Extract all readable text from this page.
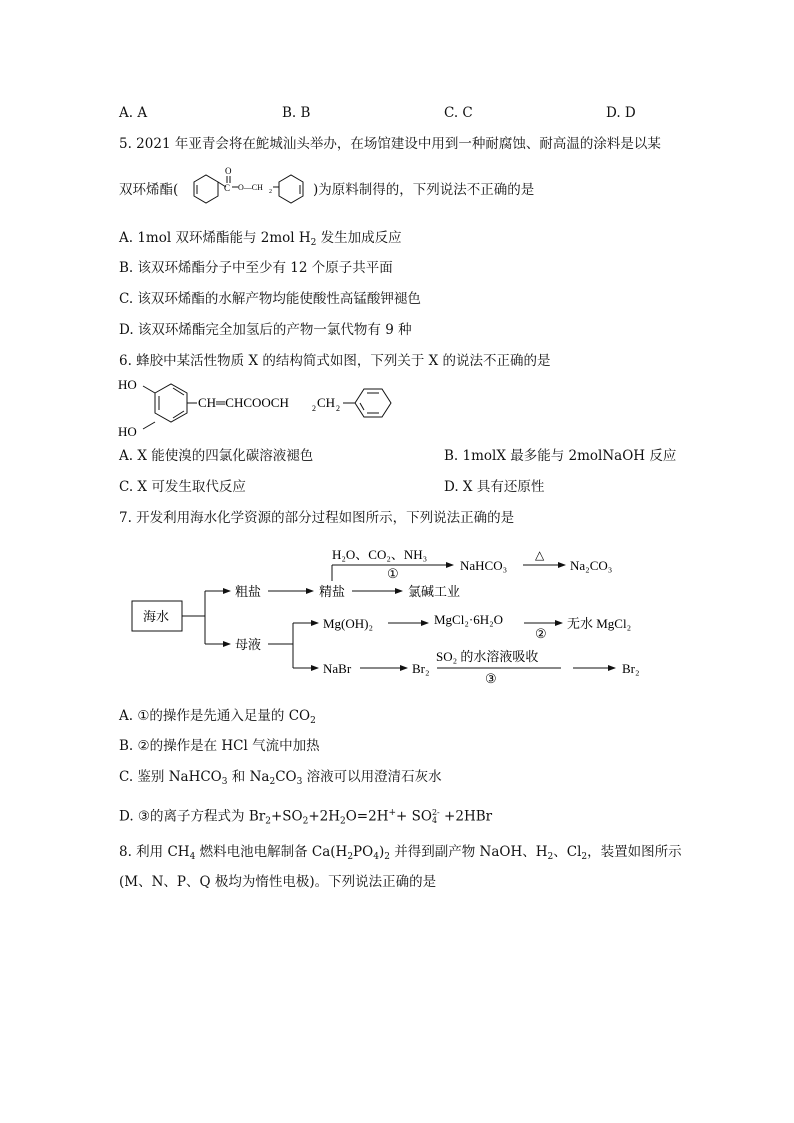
A. A	B. B	C. C	D. D
5. 2021 年亚青会将在鮀城汕头举办，在场馆建设中用到一种耐腐蚀、耐高温的涂料是以某
双环烯酯(	C
O
O—CH 2	)为原料制得的，下列说法不正确的是
A. 1mol 双环烯酯能与 2mol $H_2$ 发生加成反应
B. 该双环烯酯分子中至少有 12 个原子共平面
C. 该双环烯酯的水解产物均能使酸性高锰酸钾褪色
D. 该双环烯酯完全加氢后的产物一氯代物有 9 种
6. 蜂胶中某活性物质 X 的结构简式如图，下列关于 X 的说法不正确的是
HO
HO
CH═CHCOOCH	2 CH 2
A. X 能使溴的四氯化碳溶液褪色	B. 1molX 最多能与 2molNaOH 反应
C. X 可发生取代反应	D. X 具有还原性
7. 开发利用海水化学资源的部分过程如图所示，下列说法正确的是
海水
粗盐
母液
精盐
H₂O、CO₂、NH₃
①
NaHCO₃
△
Na₂CO₃
氯碱工业
Mg(OH)₂	MgCl₂·6H₂O
②
无水 MgCl₂
NaBr	Br₂
SO₂ 的水溶液吸收
③
Br₂
A. ①的操作是先通入足量的 $CO_2$
B. ②的操作是在 HCl 气流中加热
C. 鉴别 NaHCO$_3$ 和 $Na_2CO_3$ 溶液可以用澄清石灰水
D. ③的离子方程式为 $Br_2+SO_2+2H_2O=2H^++$ SO 2-
4 +2HBr
8. 利用 $CH_4$ 燃料电池电解制备 $Ca(H_2PO_4)_2$ 并得到副产物 NaOH、$H_2$、$Cl_2$，装置如图所示
(M、N、P、Q 极均为惰性电极)。下列说法正确的是
